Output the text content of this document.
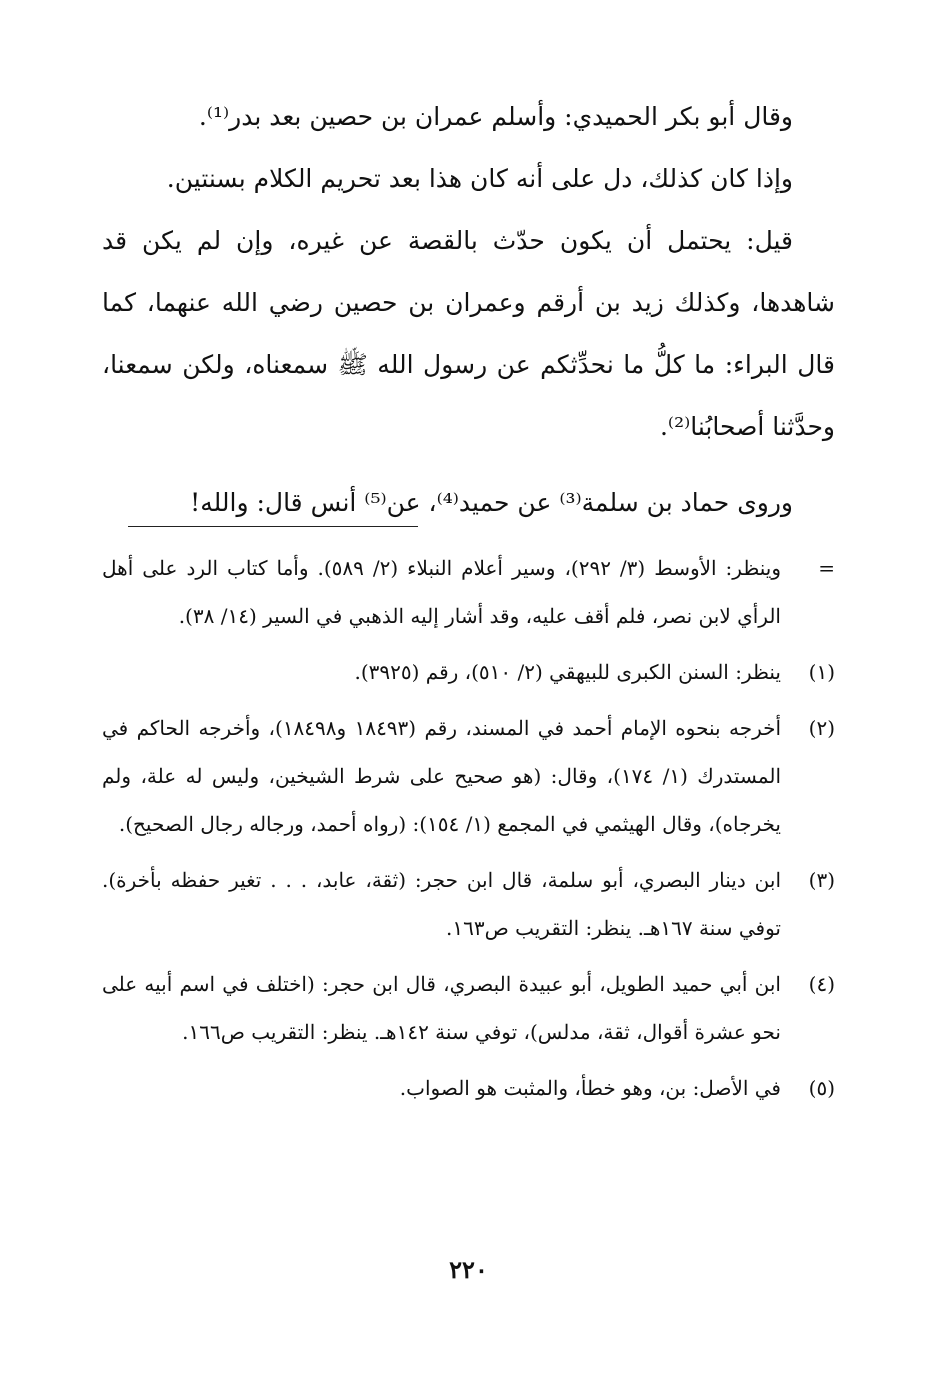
وقال أبو بكر الحميدي: وأسلم عمران بن حصين بعد بدر⁽¹⁾.

وإذا كان كذلك، دل على أنه كان هذا بعد تحريم الكلام بسنتين.

قيل: يحتمل أن يكون حدّث بالقصة عن غيره، وإن لم يكن قد شاهدها، وكذلك زيد بن أرقم وعمران بن حصين رضي الله عنهما، كما قال البراء: ما كلُّ ما نحدِّثكم عن رسول الله ﷺ سمعناه، ولكن سمعنا، وحدَّثنا أصحابُنا⁽²⁾.

وروى حماد بن سلمة⁽³⁾ عن حميد⁽⁴⁾، عن⁽⁵⁾ أنس قال: والله!

=
وينظر: الأوسط (٣/ ٢٩٢)، وسير أعلام النبلاء (٢/ ٥٨٩). وأما كتاب الرد على أهل الرأي لابن نصر، فلم أقف عليه، وقد أشار إليه الذهبي في السير (١٤/ ٣٨).
(١)
ينظر: السنن الكبرى للبيهقي (٢/ ٥١٠)، رقم (٣٩٢٥).
(٢)
أخرجه بنحوه الإمام أحمد في المسند، رقم (١٨٤٩٣ و١٨٤٩٨)، وأخرجه الحاكم في المستدرك (١/ ١٧٤)، وقال: (هو صحيح على شرط الشيخين، وليس له علة، ولم يخرجاه)، وقال الهيثمي في المجمع (١/ ١٥٤): (رواه أحمد، ورجاله رجال الصحيح).
(٣)
ابن دينار البصري، أبو سلمة، قال ابن حجر: (ثقة، عابد، . . . تغير حفظه بأخرة). توفي سنة ١٦٧هـ. ينظر: التقريب ص١٦٣.
(٤)
ابن أبي حميد الطويل، أبو عبيدة البصري، قال ابن حجر: (اختلف في اسم أبيه على نحو عشرة أقوال، ثقة، مدلس)، توفي سنة ١٤٢هـ. ينظر: التقريب ص١٦٦.
(٥)
في الأصل: بن، وهو خطأ، والمثبت هو الصواب.
٢٢٠
